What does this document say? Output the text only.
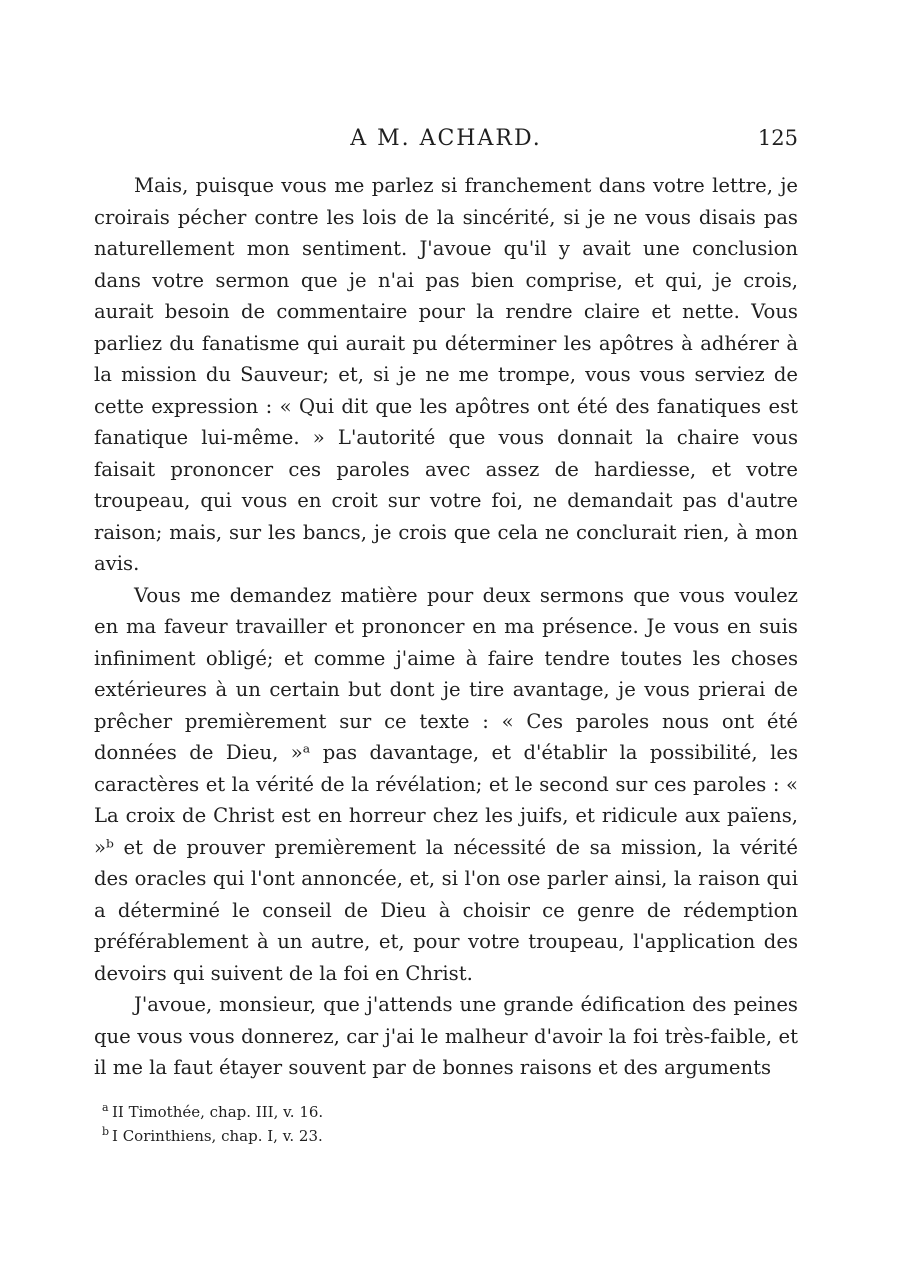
A M. ACHARD.	125

Mais, puisque vous me parlez si franchement dans votre lettre, je croirais pécher contre les lois de la sincérité, si je ne vous disais pas naturellement mon sentiment. J'avoue qu'il y avait une conclusion dans votre sermon que je n'ai pas bien comprise, et qui, je crois, aurait besoin de commentaire pour la rendre claire et nette. Vous parliez du fanatisme qui aurait pu déterminer les apôtres à adhérer à la mission du Sauveur; et, si je ne me trompe, vous vous serviez de cette expression : « Qui dit que les apôtres ont été des fanatiques est fanatique lui-même. » L'autorité que vous donnait la chaire vous faisait prononcer ces paroles avec assez de hardiesse, et votre troupeau, qui vous en croit sur votre foi, ne demandait pas d'autre raison; mais, sur les bancs, je crois que cela ne conclurait rien, à mon avis.

Vous me demandez matière pour deux sermons que vous voulez en ma faveur travailler et prononcer en ma présence. Je vous en suis infiniment obligé; et comme j'aime à faire tendre toutes les choses extérieures à un certain but dont je tire avantage, je vous prierai de prêcher premièrement sur ce texte : « Ces paroles nous ont été données de Dieu, »ᵃ pas davantage, et d'établir la possibilité, les caractères et la vérité de la révélation; et le second sur ces paroles : « La croix de Christ est en horreur chez les juifs, et ridicule aux païens, »ᵇ et de prouver premièrement la nécessité de sa mission, la vérité des oracles qui l'ont annoncée, et, si l'on ose parler ainsi, la raison qui a déterminé le conseil de Dieu à choisir ce genre de rédemption préférablement à un autre, et, pour votre troupeau, l'application des devoirs qui suivent de la foi en Christ.

J'avoue, monsieur, que j'attends une grande édification des peines que vous vous donnerez, car j'ai le malheur d'avoir la foi très-faible, et il me la faut étayer souvent par de bonnes raisons et des arguments

a II Timothée, chap. III, v. 16.
b I Corinthiens, chap. I, v. 23.
